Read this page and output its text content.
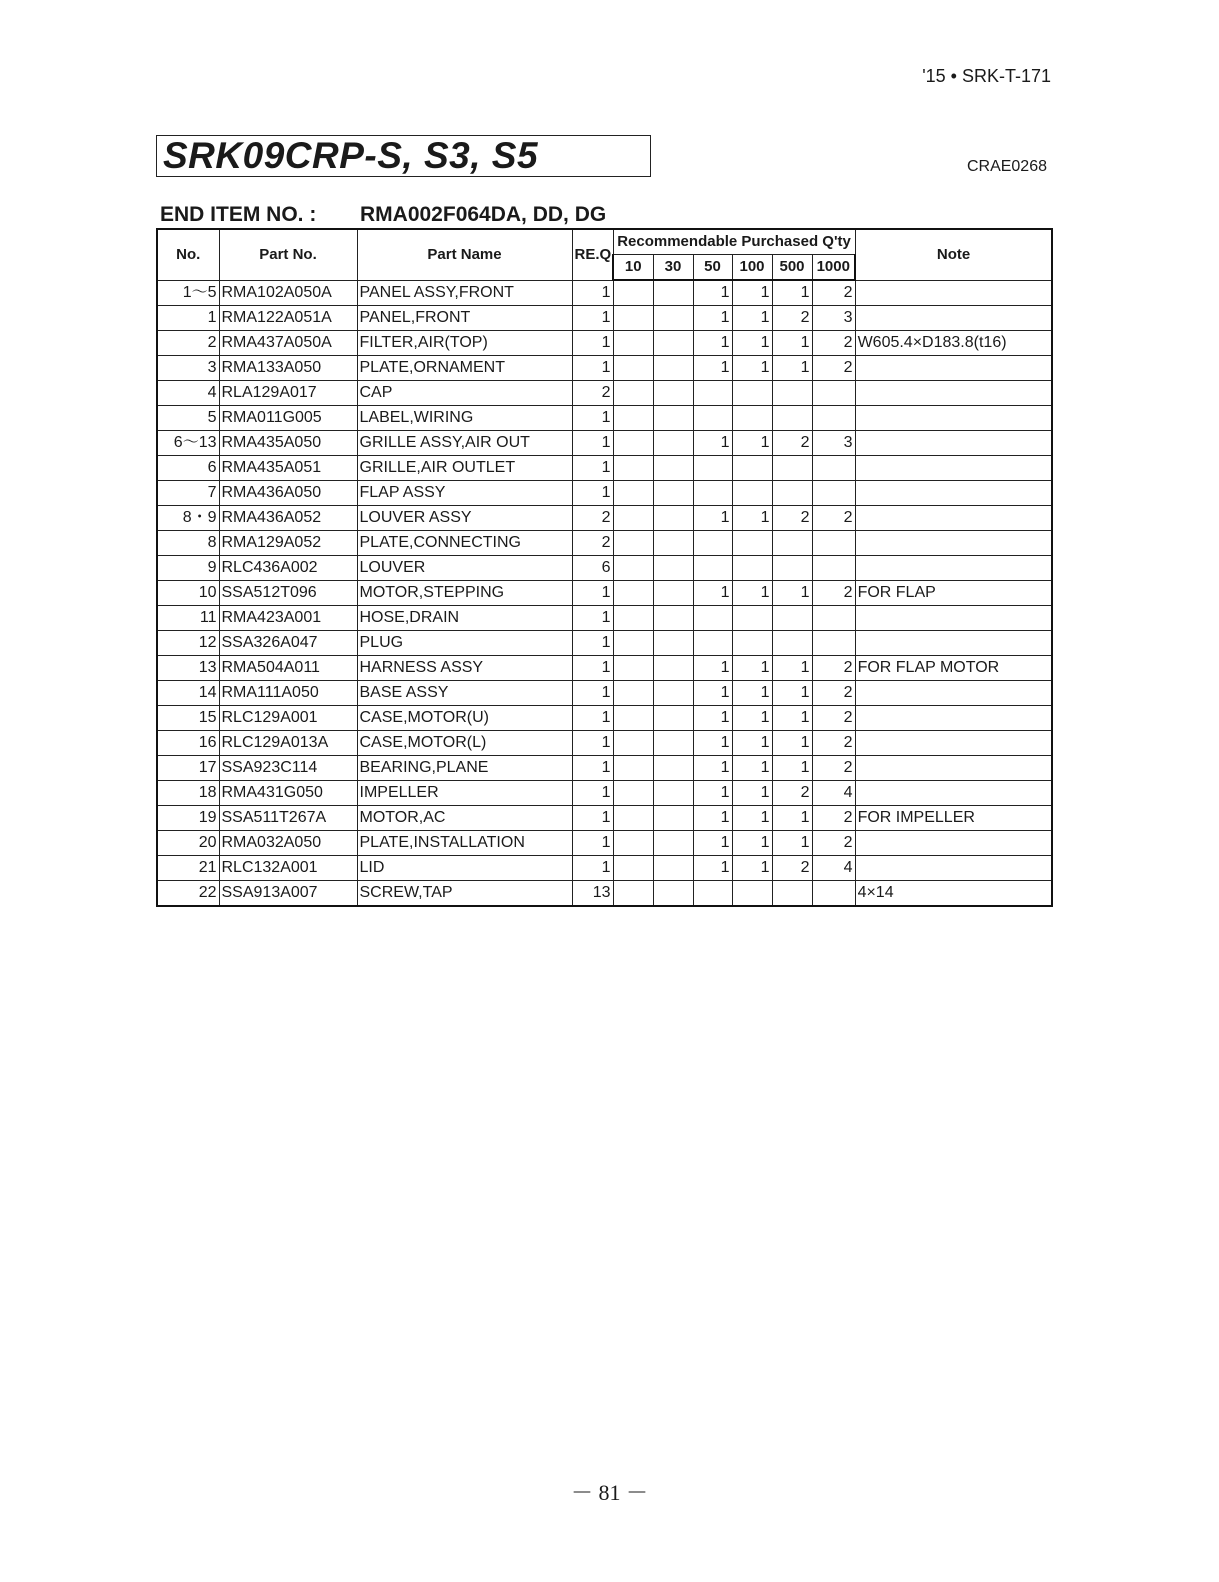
'15 • SRK-T-171
SRK09CRP-S, S3, S5	CRAE0268
END ITEM NO. : RMA002F064DA, DD, DG
No.	Part No.	Part Name	RE.Q	Recommendable Purchased Q'ty						Note
				10	30	50	100	500	1000	
1～5	RMA102A050A	PANEL ASSY,FRONT	1			1	1	1	2	
1	RMA122A051A	PANEL,FRONT	1			1	1	2	3	
2	RMA437A050A	FILTER,AIR(TOP)	1			1	1	1	2	W605.4×D183.8(t16)
3	RMA133A050	PLATE,ORNAMENT	1			1	1	1	2	
4	RLA129A017	CAP	2							
5	RMA011G005	LABEL,WIRING	1							
6～13	RMA435A050	GRILLE ASSY,AIR OUT	1			1	1	2	3	
6	RMA435A051	GRILLE,AIR OUTLET	1							
7	RMA436A050	FLAP ASSY	1							
8・9	RMA436A052	LOUVER ASSY	2			1	1	2	2	
8	RMA129A052	PLATE,CONNECTING	2							
9	RLC436A002	LOUVER	6							
10	SSA512T096	MOTOR,STEPPING	1			1	1	1	2	FOR FLAP
11	RMA423A001	HOSE,DRAIN	1							
12	SSA326A047	PLUG	1							
13	RMA504A011	HARNESS ASSY	1			1	1	1	2	FOR FLAP MOTOR
14	RMA111A050	BASE ASSY	1			1	1	1	2	
15	RLC129A001	CASE,MOTOR(U)	1			1	1	1	2	
16	RLC129A013A	CASE,MOTOR(L)	1			1	1	1	2	
17	SSA923C114	BEARING,PLANE	1			1	1	1	2	
18	RMA431G050	IMPELLER	1			1	1	2	4	
19	SSA511T267A	MOTOR,AC	1			1	1	1	2	FOR IMPELLER
20	RMA032A050	PLATE,INSTALLATION	1			1	1	1	2	
21	RLC132A001	LID	1			1	1	2	4	
22	SSA913A007	SCREW,TAP	13							4×14
－ 81 －
